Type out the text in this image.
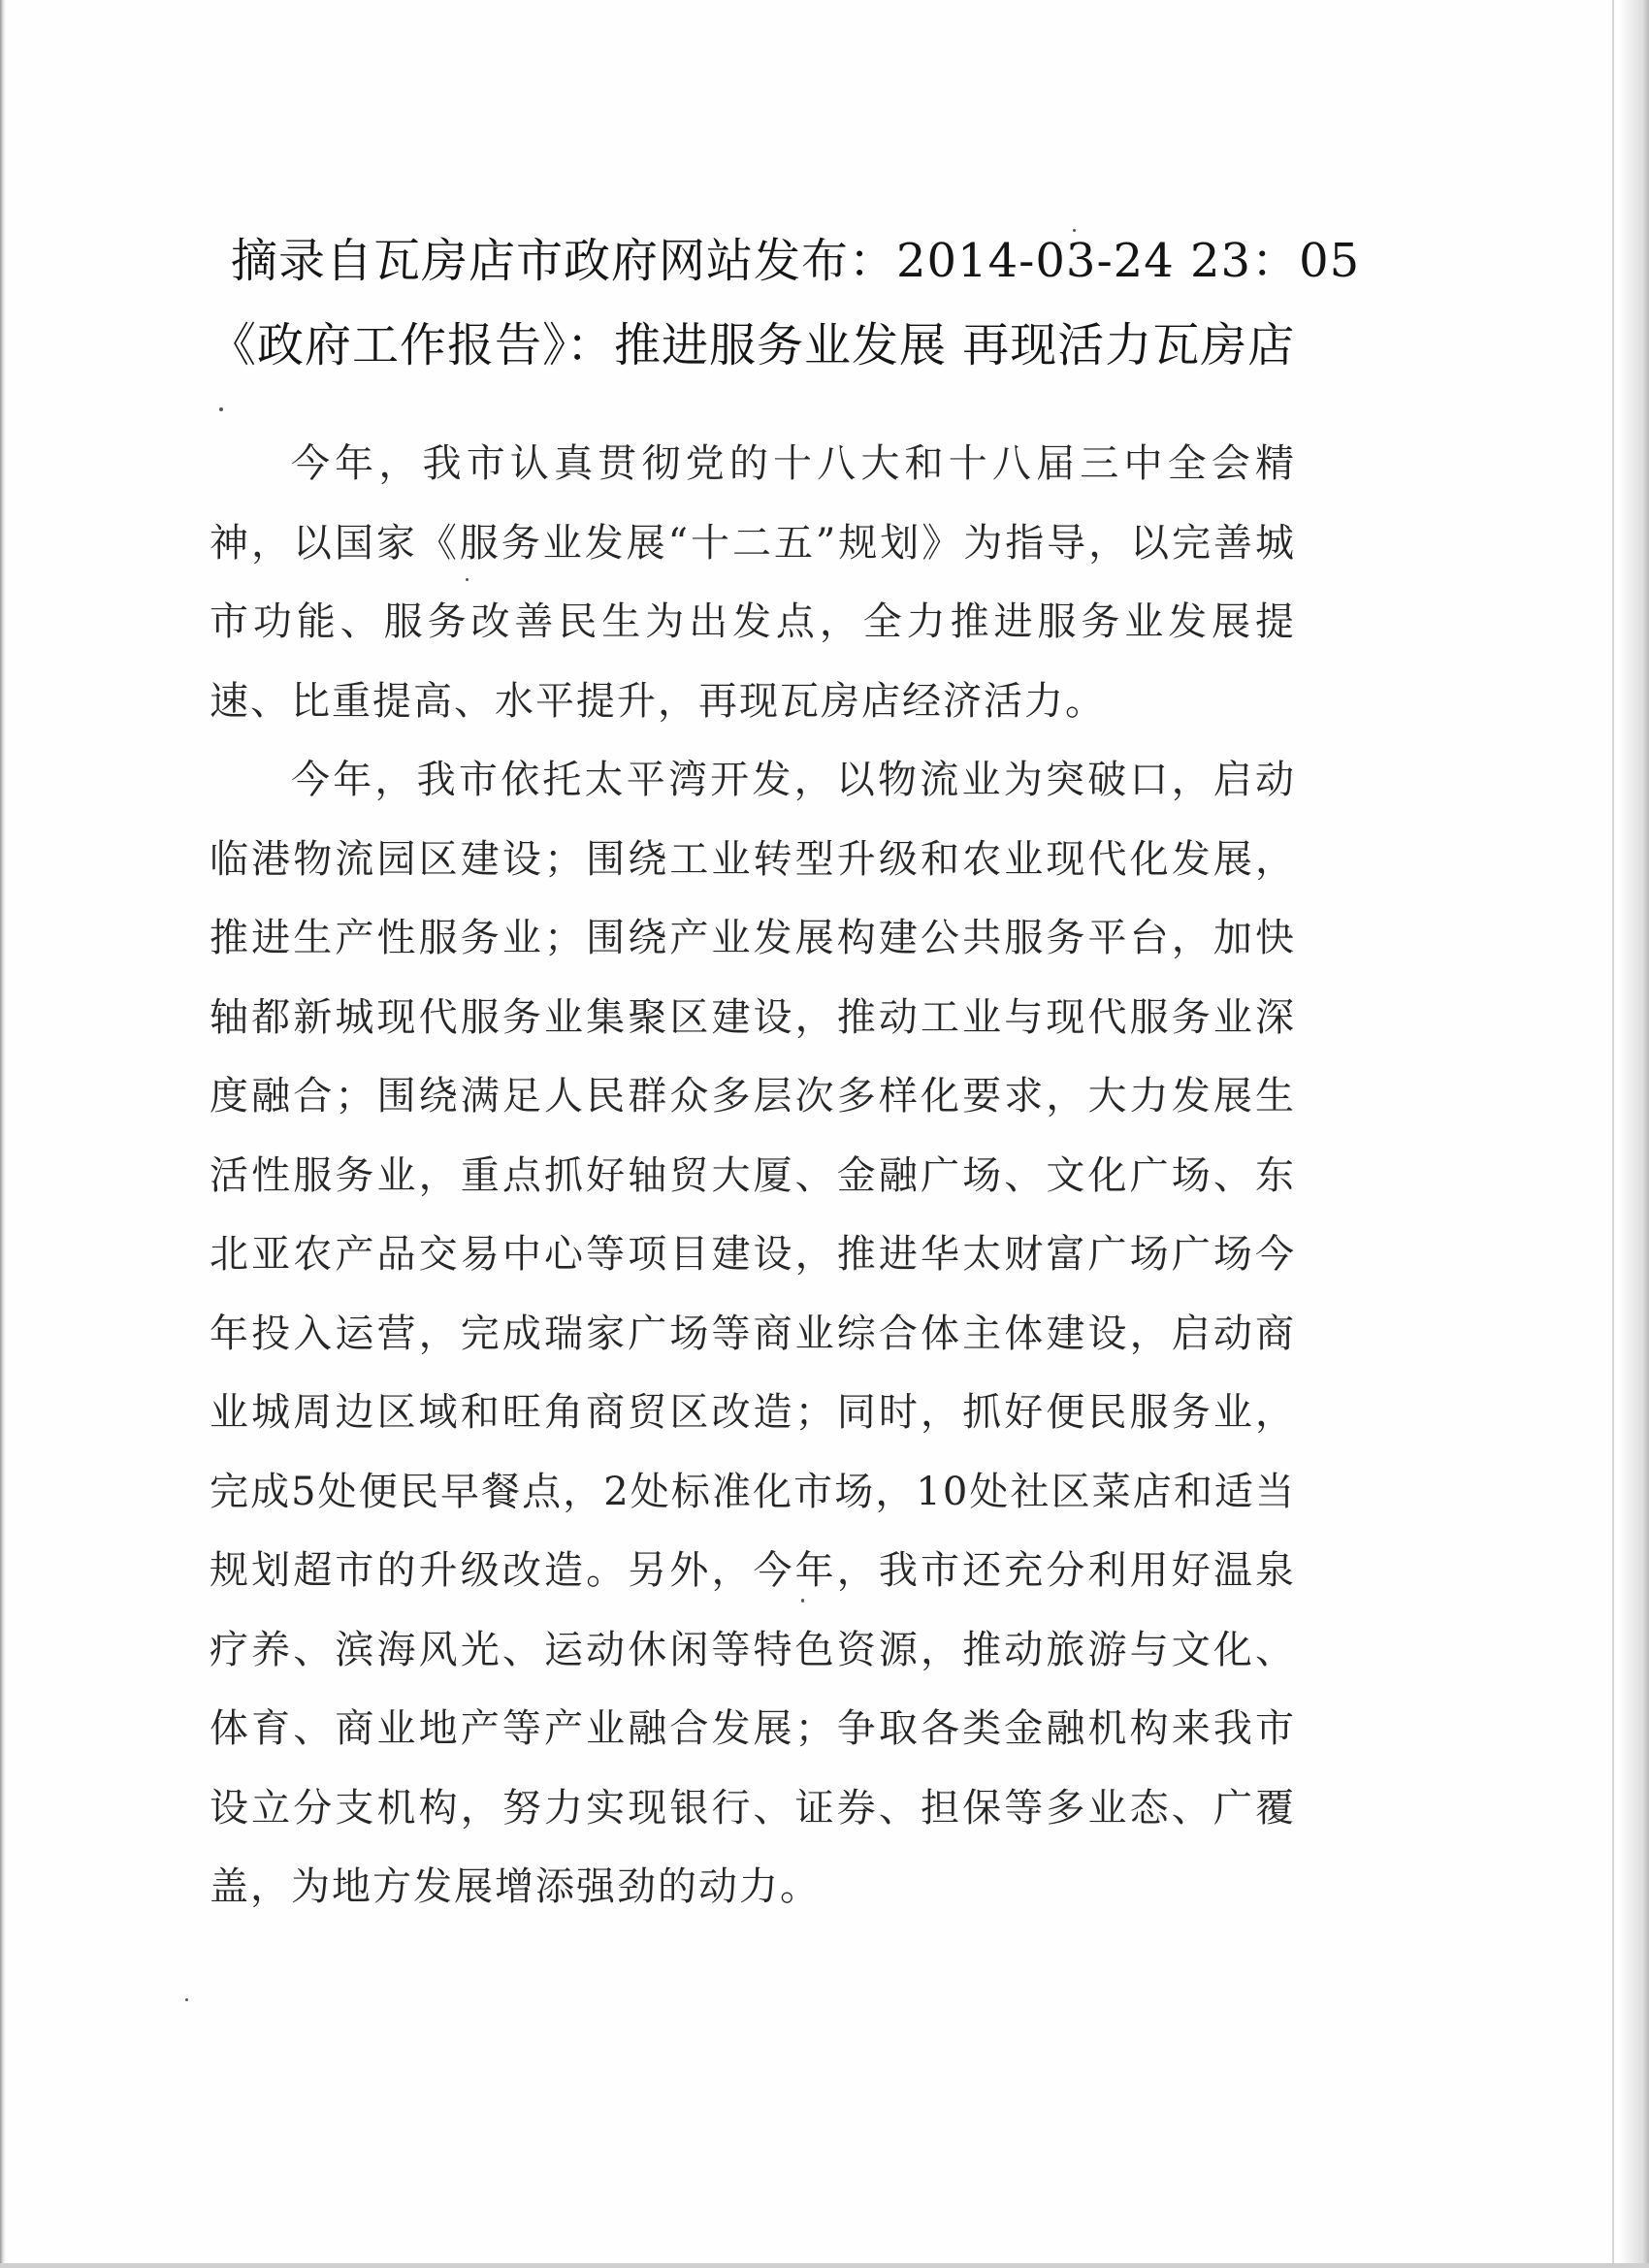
摘录自瓦房店市政府网站发布：2014-03-24 23：05
《政府工作报告》：推进服务业发展 再现活力瓦房店

今年，我市认真贯彻党的十八大和十八届三中全会精神，以国家《服务业发展“十二五”规划》为指导，以完善城市功能、服务改善民生为出发点，全力推进服务业发展提速、比重提高、水平提升，再现瓦房店经济活力。

今年，我市依托太平湾开发，以物流业为突破口，启动临港物流园区建设；围绕工业转型升级和农业现代化发展，推进生产性服务业；围绕产业发展构建公共服务平台，加快轴都新城现代服务业集聚区建设，推动工业与现代服务业深度融合；围绕满足人民群众多层次多样化要求，大力发展生活性服务业，重点抓好轴贸大厦、金融广场、文化广场、东北亚农产品交易中心等项目建设，推进华太财富广场广场今年投入运营，完成瑞家广场等商业综合体主体建设，启动商业城周边区域和旺角商贸区改造；同时，抓好便民服务业，完成5处便民早餐点，2处标准化市场，10处社区菜店和适当规划超市的升级改造。另外，今年，我市还充分利用好温泉疗养、滨海风光、运动休闲等特色资源，推动旅游与文化、体育、商业地产等产业融合发展；争取各类金融机构来我市设立分支机构，努力实现银行、证券、担保等多业态、广覆盖，为地方发展增添强劲的动力。
